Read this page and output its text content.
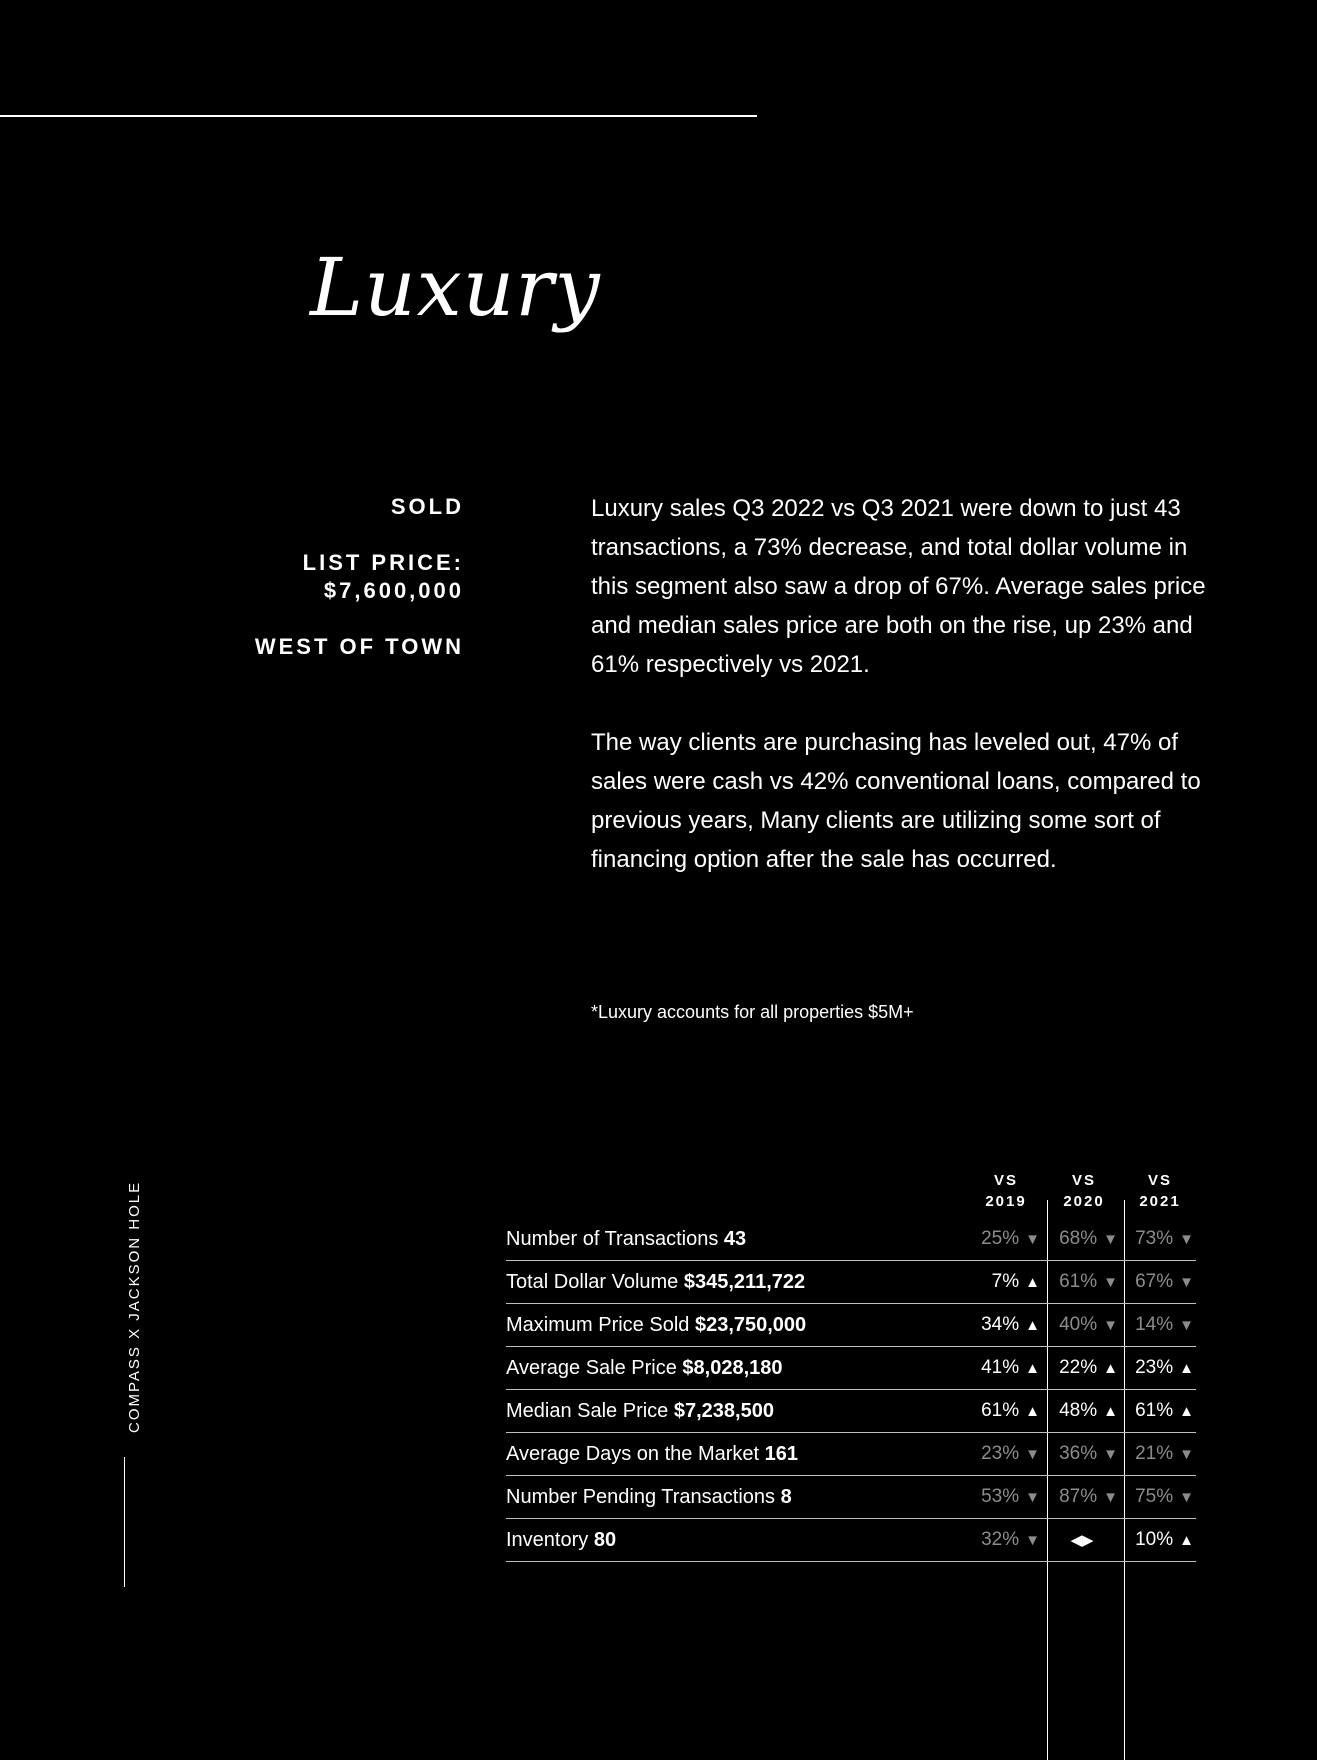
Luxury
SOLD
LIST PRICE:
$7,600,000
WEST OF TOWN

Luxury sales Q3 2022 vs Q3 2021 were down to just 43 transactions, a 73% decrease, and total dollar volume in this segment also saw a drop of 67%. Average sales price and median sales price are both on the rise, up 23% and 61% respectively vs 2021.

The way clients are purchasing has leveled out, 47% of sales were cash vs 42% conventional loans, compared to previous years, Many clients are utilizing some sort of financing option after the sale has occurred.

*Luxury accounts for all properties $5M+
COMPASS X JACKSON HOLE
VS
2019
VS
2020
VS
2021
Number of Transactions 43	25% ▼	68% ▼ 73% ▼
Total Dollar Volume $345,211,722	7% ▲	61% ▼ 67% ▼
Maximum Price Sold $23,750,000	34% ▲	40% ▼ 14% ▼
Average Sale Price $8,028,180	41% ▲	22% ▲ 23% ▲
Median Sale Price $7,238,500	61% ▲	48% ▲ 61% ▲
Average Days on the Market 161	23% ▼	36% ▼ 21% ▼
Number Pending Transactions 8	53% ▼	87% ▼ 75% ▼
Inventory 80	32% ▼	◀▶	10% ▲
